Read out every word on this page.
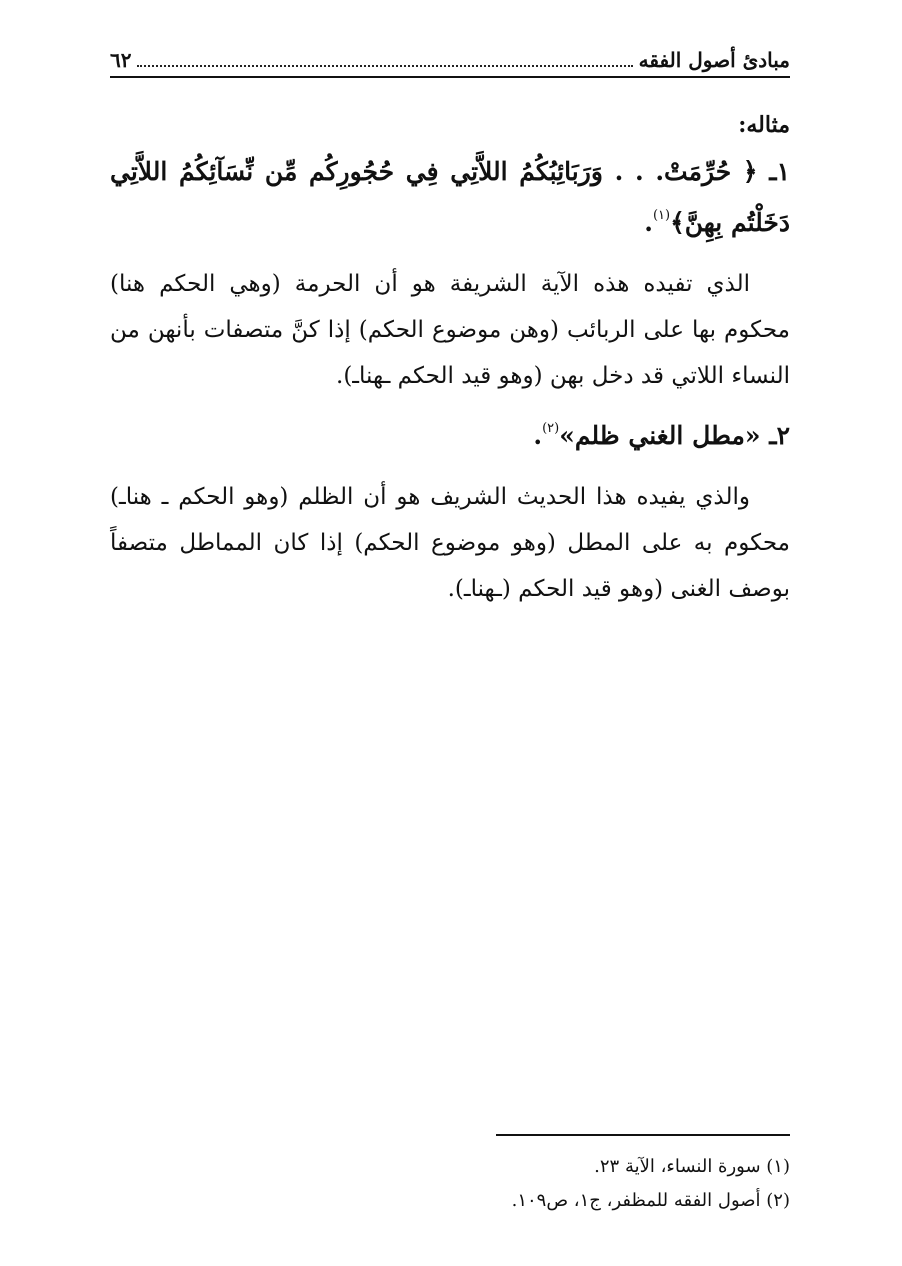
٦٢	مبادئ أصول الفقه

مثاله:

١ـ ﴿ حُرِّمَتْ. . . وَرَبَائِبُكُمُ اللاَّتِي فِي حُجُورِكُم مِّن نِّسَآئِكُمُ اللاَّتِي دَخَلْتُم بِهِنَّ﴾$^{(١)}$.

الذي تفيده هذه الآية الشريفة هو أن الحرمة (وهي الحكم هنا) محكوم بها على الربائب (وهن موضوع الحكم) إذا كنَّ متصفات بأنهن من النساء اللاتي قد دخل بهن (وهو قيد الحكم ـهناـ).

٢ـ «مطل الغني ظلم»$^{(٢)}$.

والذي يفيده هذا الحديث الشريف هو أن الظلم (وهو الحكم ـ هناـ) محكوم به على المطل (وهو موضوع الحكم) إذا كان المماطل متصفاً بوصف الغنى (وهو قيد الحكم (ـهناـ).

(١) سورة النساء، الآية ٢٣.

(٢) أصول الفقه للمظفر، ج١، ص١٠٩.
